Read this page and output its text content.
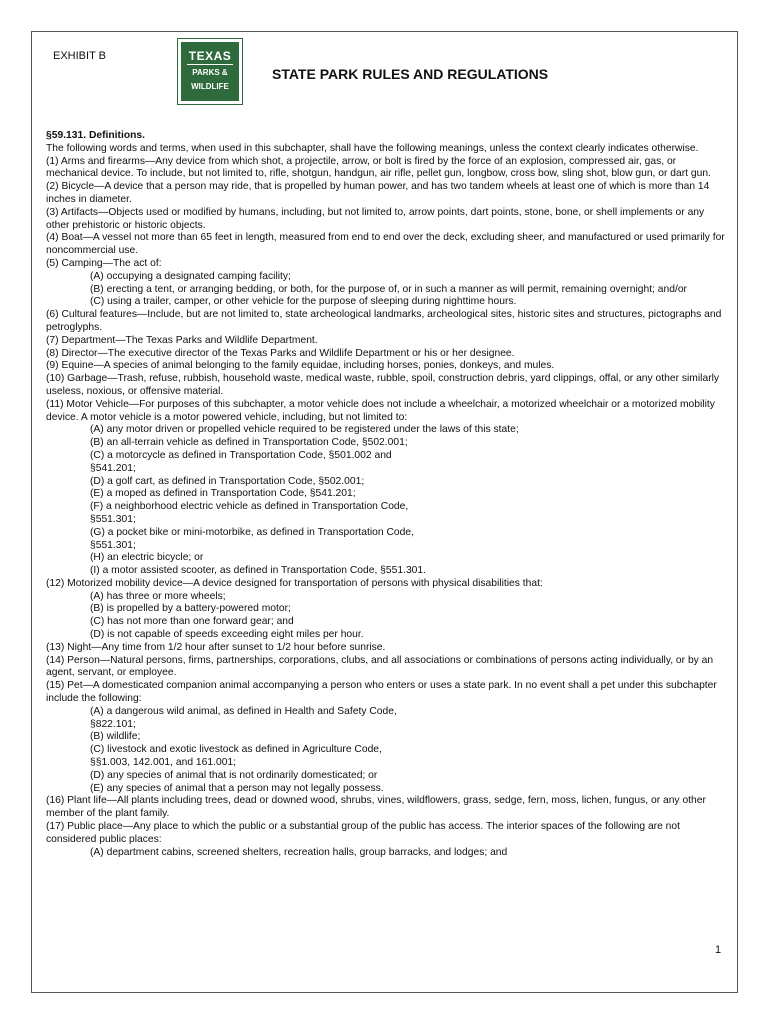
EXHIBIT B	TEXAS
PARKS &
WILDLIFE
STATE PARK RULES AND REGULATIONS

§59.131. Definitions.

The following words and terms, when used in this subchapter, shall have the following meanings, unless the context clearly indicates otherwise.

(1) Arms and firearms—Any device from which shot, a projectile, arrow, or bolt is fired by the force of an explosion, compressed air, gas, or mechanical device. To include, but not limited to, rifle, shotgun, handgun, air rifle, pellet gun, longbow, cross bow, sling shot, blow gun, or dart gun.

(2) Bicycle—A device that a person may ride, that is propelled by human power, and has two tandem wheels at least one of which is more than 14 inches in diameter.

(3) Artifacts—Objects used or modified by humans, including, but not limited to, arrow points, dart points, stone, bone, or shell implements or any other prehistoric or historic objects.

(4) Boat—A vessel not more than 65 feet in length, measured from end to end over the deck, excluding sheer, and manufactured or used primarily for noncommercial use.

(5) Camping—The act of:

(A) occupying a designated camping facility;

(B) erecting a tent, or arranging bedding, or both, for the purpose of, or in such a manner as will permit, remaining overnight; and/or

(C) using a trailer, camper, or other vehicle for the purpose of sleeping during nighttime hours.

(6) Cultural features—Include, but are not limited to, state archeological landmarks, archeological sites, historic sites and structures, pictographs and petroglyphs.

(7) Department—The Texas Parks and Wildlife Department.

(8) Director—The executive director of the Texas Parks and Wildlife Department or his or her designee.

(9) Equine—A species of animal belonging to the family equidae, including horses, ponies, donkeys, and mules.

(10) Garbage—Trash, refuse, rubbish, household waste, medical waste, rubble, spoil, construction debris, yard clippings, offal, or any other similarly useless, noxious, or offensive material.

(11) Motor Vehicle—For purposes of this subchapter, a motor vehicle does not include a wheelchair, a motorized wheelchair or a motorized mobility device. A motor vehicle is a motor powered vehicle, including, but not limited to:

(A) any motor driven or propelled vehicle required to be registered under the laws of this state;

(B) an all-terrain vehicle as defined in Transportation Code, §502.001;

(C) a motorcycle as defined in Transportation Code, §501.002 and

§541.201;

(D) a golf cart, as defined in Transportation Code, §502.001;

(E) a moped as defined in Transportation Code, §541.201;

(F) a neighborhood electric vehicle as defined in Transportation Code,

§551.301;

(G) a pocket bike or mini-motorbike, as defined in Transportation Code,

§551.301;

(H) an electric bicycle; or

(I) a motor assisted scooter, as defined in Transportation Code, §551.301.

(12) Motorized mobility device—A device designed for transportation of persons with physical disabilities that:

(A) has three or more wheels;

(B) is propelled by a battery-powered motor;

(C) has not more than one forward gear; and

(D) is not capable of speeds exceeding eight miles per hour.

(13) Night—Any time from 1/2 hour after sunset to 1/2 hour before sunrise.

(14) Person—Natural persons, firms, partnerships, corporations, clubs, and all associations or combinations of persons acting individually, or by an agent, servant, or employee.

(15) Pet—A domesticated companion animal accompanying a person who enters or uses a state park. In no event shall a pet under this subchapter include the following:

(A) a dangerous wild animal, as defined in Health and Safety Code,

§822.101;

(B) wildlife;

(C) livestock and exotic livestock as defined in Agriculture Code,

§§1.003, 142.001, and 161.001;

(D) any species of animal that is not ordinarily domesticated; or

(E) any species of animal that a person may not legally possess.

(16) Plant life—All plants including trees, dead or downed wood, shrubs, vines, wildflowers, grass, sedge, fern, moss, lichen, fungus, or any other member of the plant family.

(17) Public place—Any place to which the public or a substantial group of the public has access. The interior spaces of the following are not considered public places:

(A) department cabins, screened shelters, recreation halls, group barracks, and lodges; and

1
